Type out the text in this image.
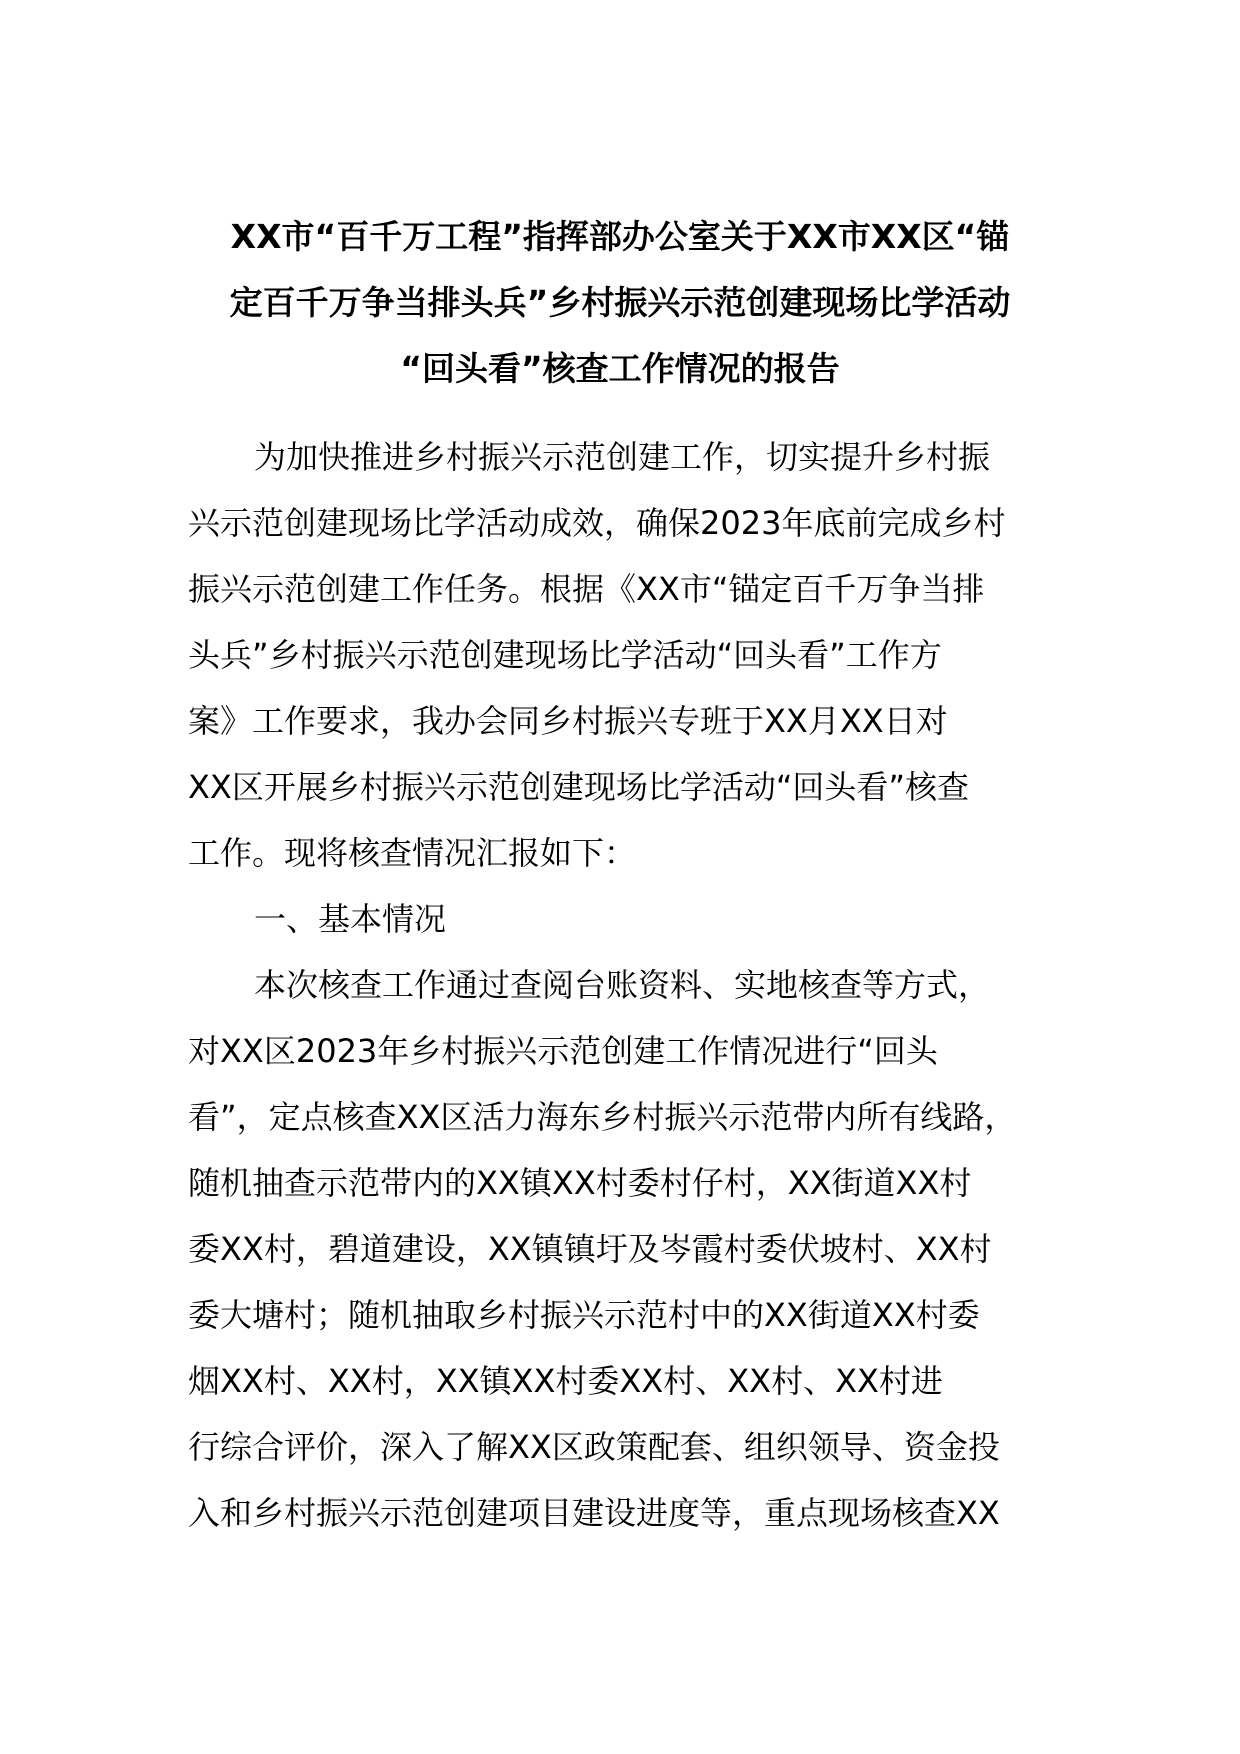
XX市“百千万工程”指挥部办公室关于XX市XX区“锚
定百千万争当排头兵”乡村振兴示范创建现场比学活动
“回头看”核查工作情况的报告
为加快推进乡村振兴示范创建工作，切实提升乡村振
兴示范创建现场比学活动成效，确保2023年底前完成乡村
振兴示范创建工作任务。根据《XX市“锚定百千万争当排
头兵”乡村振兴示范创建现场比学活动“回头看”工作方
案》工作要求，我办会同乡村振兴专班于XX月XX日对
XX区开展乡村振兴示范创建现场比学活动“回头看”核查
工作。现将核查情况汇报如下：
一、基本情况
本次核查工作通过查阅台账资料、实地核查等方式，
对XX区2023年乡村振兴示范创建工作情况进行“回头
看”，定点核查XX区活力海东乡村振兴示范带内所有线路，
随机抽查示范带内的XX镇XX村委村仔村，XX街道XX村
委XX村，碧道建设，XX镇镇圩及岑霞村委伏坡村、XX村
委大塘村；随机抽取乡村振兴示范村中的XX街道XX村委
烟XX村、XX村，XX镇XX村委XX村、XX村、XX村进
行综合评价，深入了解XX区政策配套、组织领导、资金投
入和乡村振兴示范创建项目建设进度等，重点现场核查XX
